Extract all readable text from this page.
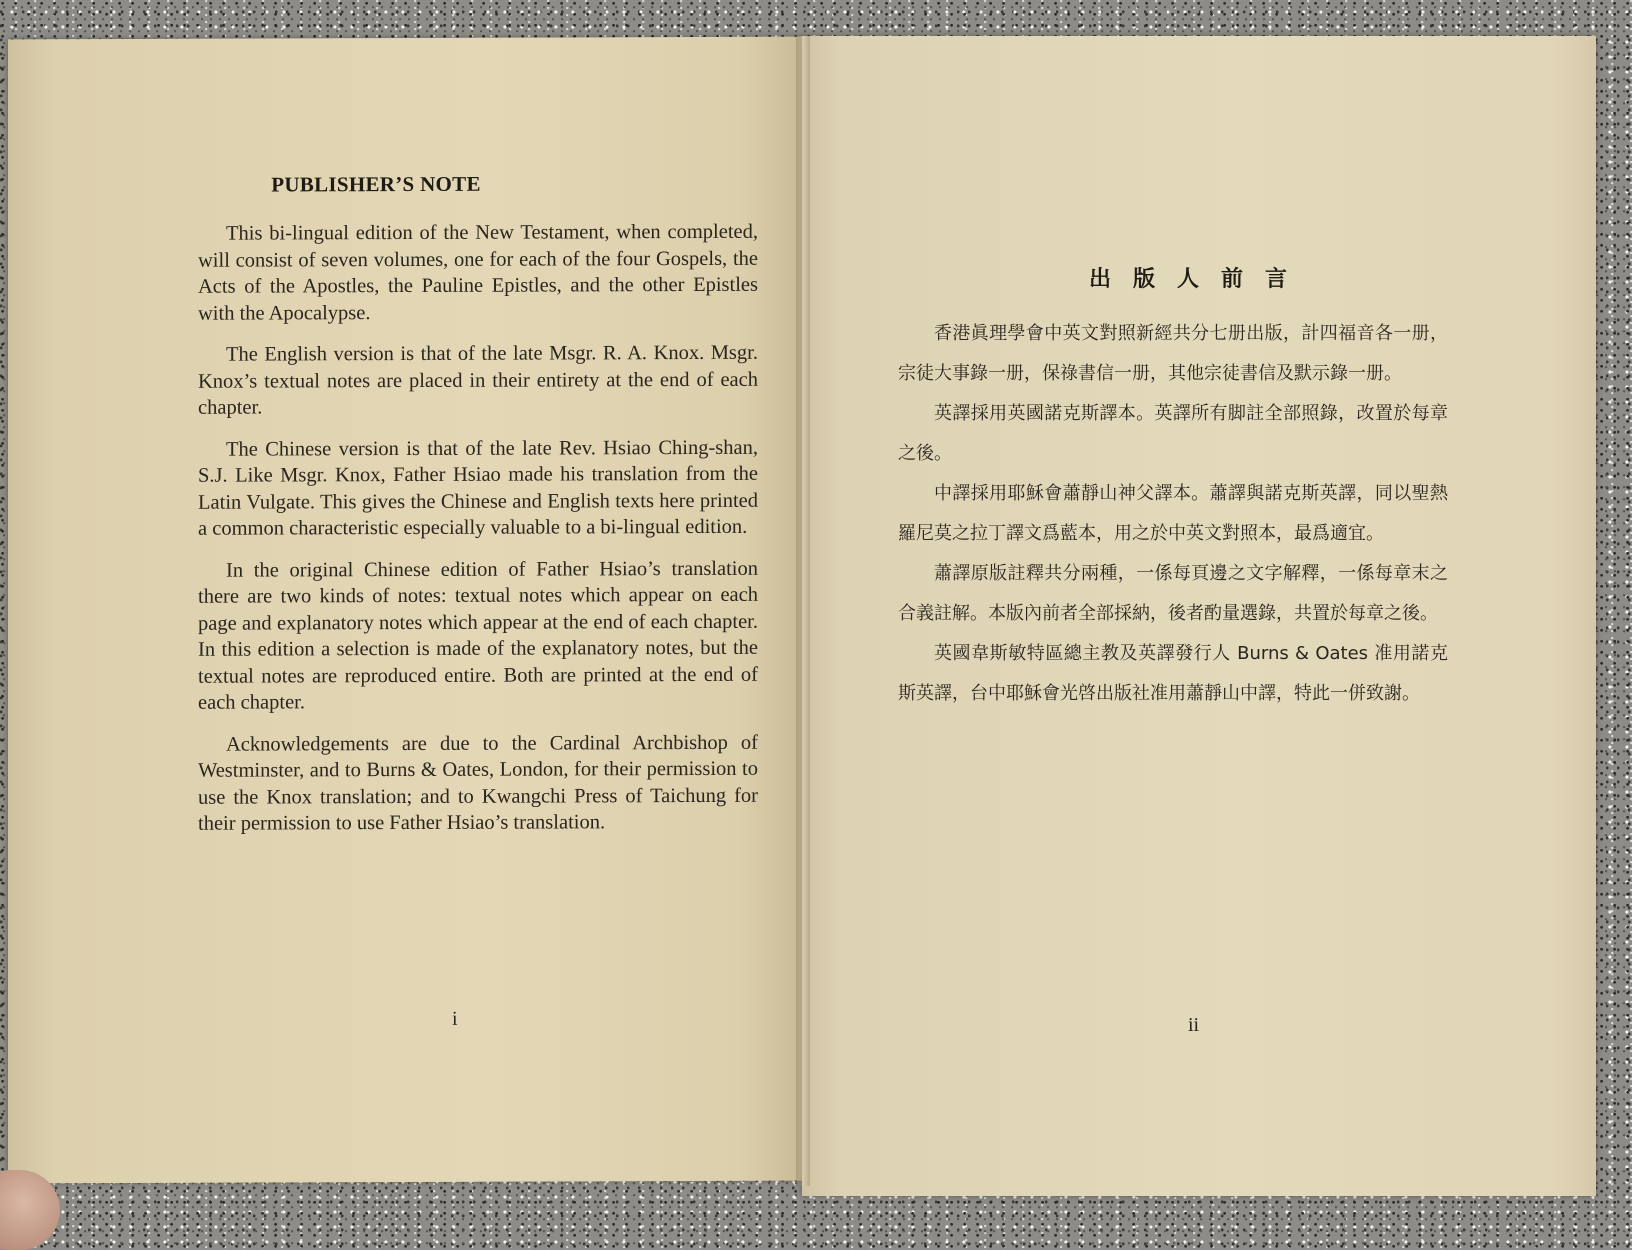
PUBLISHER’S NOTE

This bi-lingual edition of the New Testament, when completed, will consist of seven volumes, one for each of the four Gospels, the Acts of the Apostles, the Pauline Epistles, and the other Epistles with the Apocalypse.

The English version is that of the late Msgr. R. A. Knox. Msgr. Knox’s textual notes are placed in their entirety at the end of each chapter.

The Chinese version is that of the late Rev. Hsiao Ching-shan, S.J. Like Msgr. Knox, Father Hsiao made his translation from the Latin Vulgate. This gives the Chinese and English texts here printed a common characteristic especially valuable to a bi-lingual edition.

In the original Chinese edition of Father Hsiao’s translation there are two kinds of notes: textual notes which appear on each page and explanatory notes which appear at the end of each chapter. In this edition a selection is made of the explanatory notes, but the textual notes are reproduced entire. Both are printed at the end of each chapter.

Acknowledgements are due to the Cardinal Archbishop of Westminster, and to Burns & Oates, London, for their permission to use the Knox translation; and to Kwangchi Press of Taichung for their permission to use Father Hsiao’s translation.

i
出版人前言

香港眞理學會中英文對照新經共分七册出版，計四福音各一册，宗徒大事錄一册，保祿書信一册，其他宗徒書信及默示錄一册。

英譯採用英國諾克斯譯本。英譯所有脚註全部照錄，改置於每章之後。

中譯採用耶穌會蕭靜山神父譯本。蕭譯與諾克斯英譯，同以聖熱羅尼莫之拉丁譯文爲藍本，用之於中英文對照本，最爲適宜。

蕭譯原版註釋共分兩種，一係每頁邊之文字解釋，一係每章末之合義註解。本版內前者全部採納，後者酌量選錄，共置於每章之後。

英國韋斯敏特區總主教及英譯發行人 Burns & Oates 准用諾克斯英譯，台中耶穌會光啓出版社准用蕭靜山中譯，特此一併致謝。

ii
